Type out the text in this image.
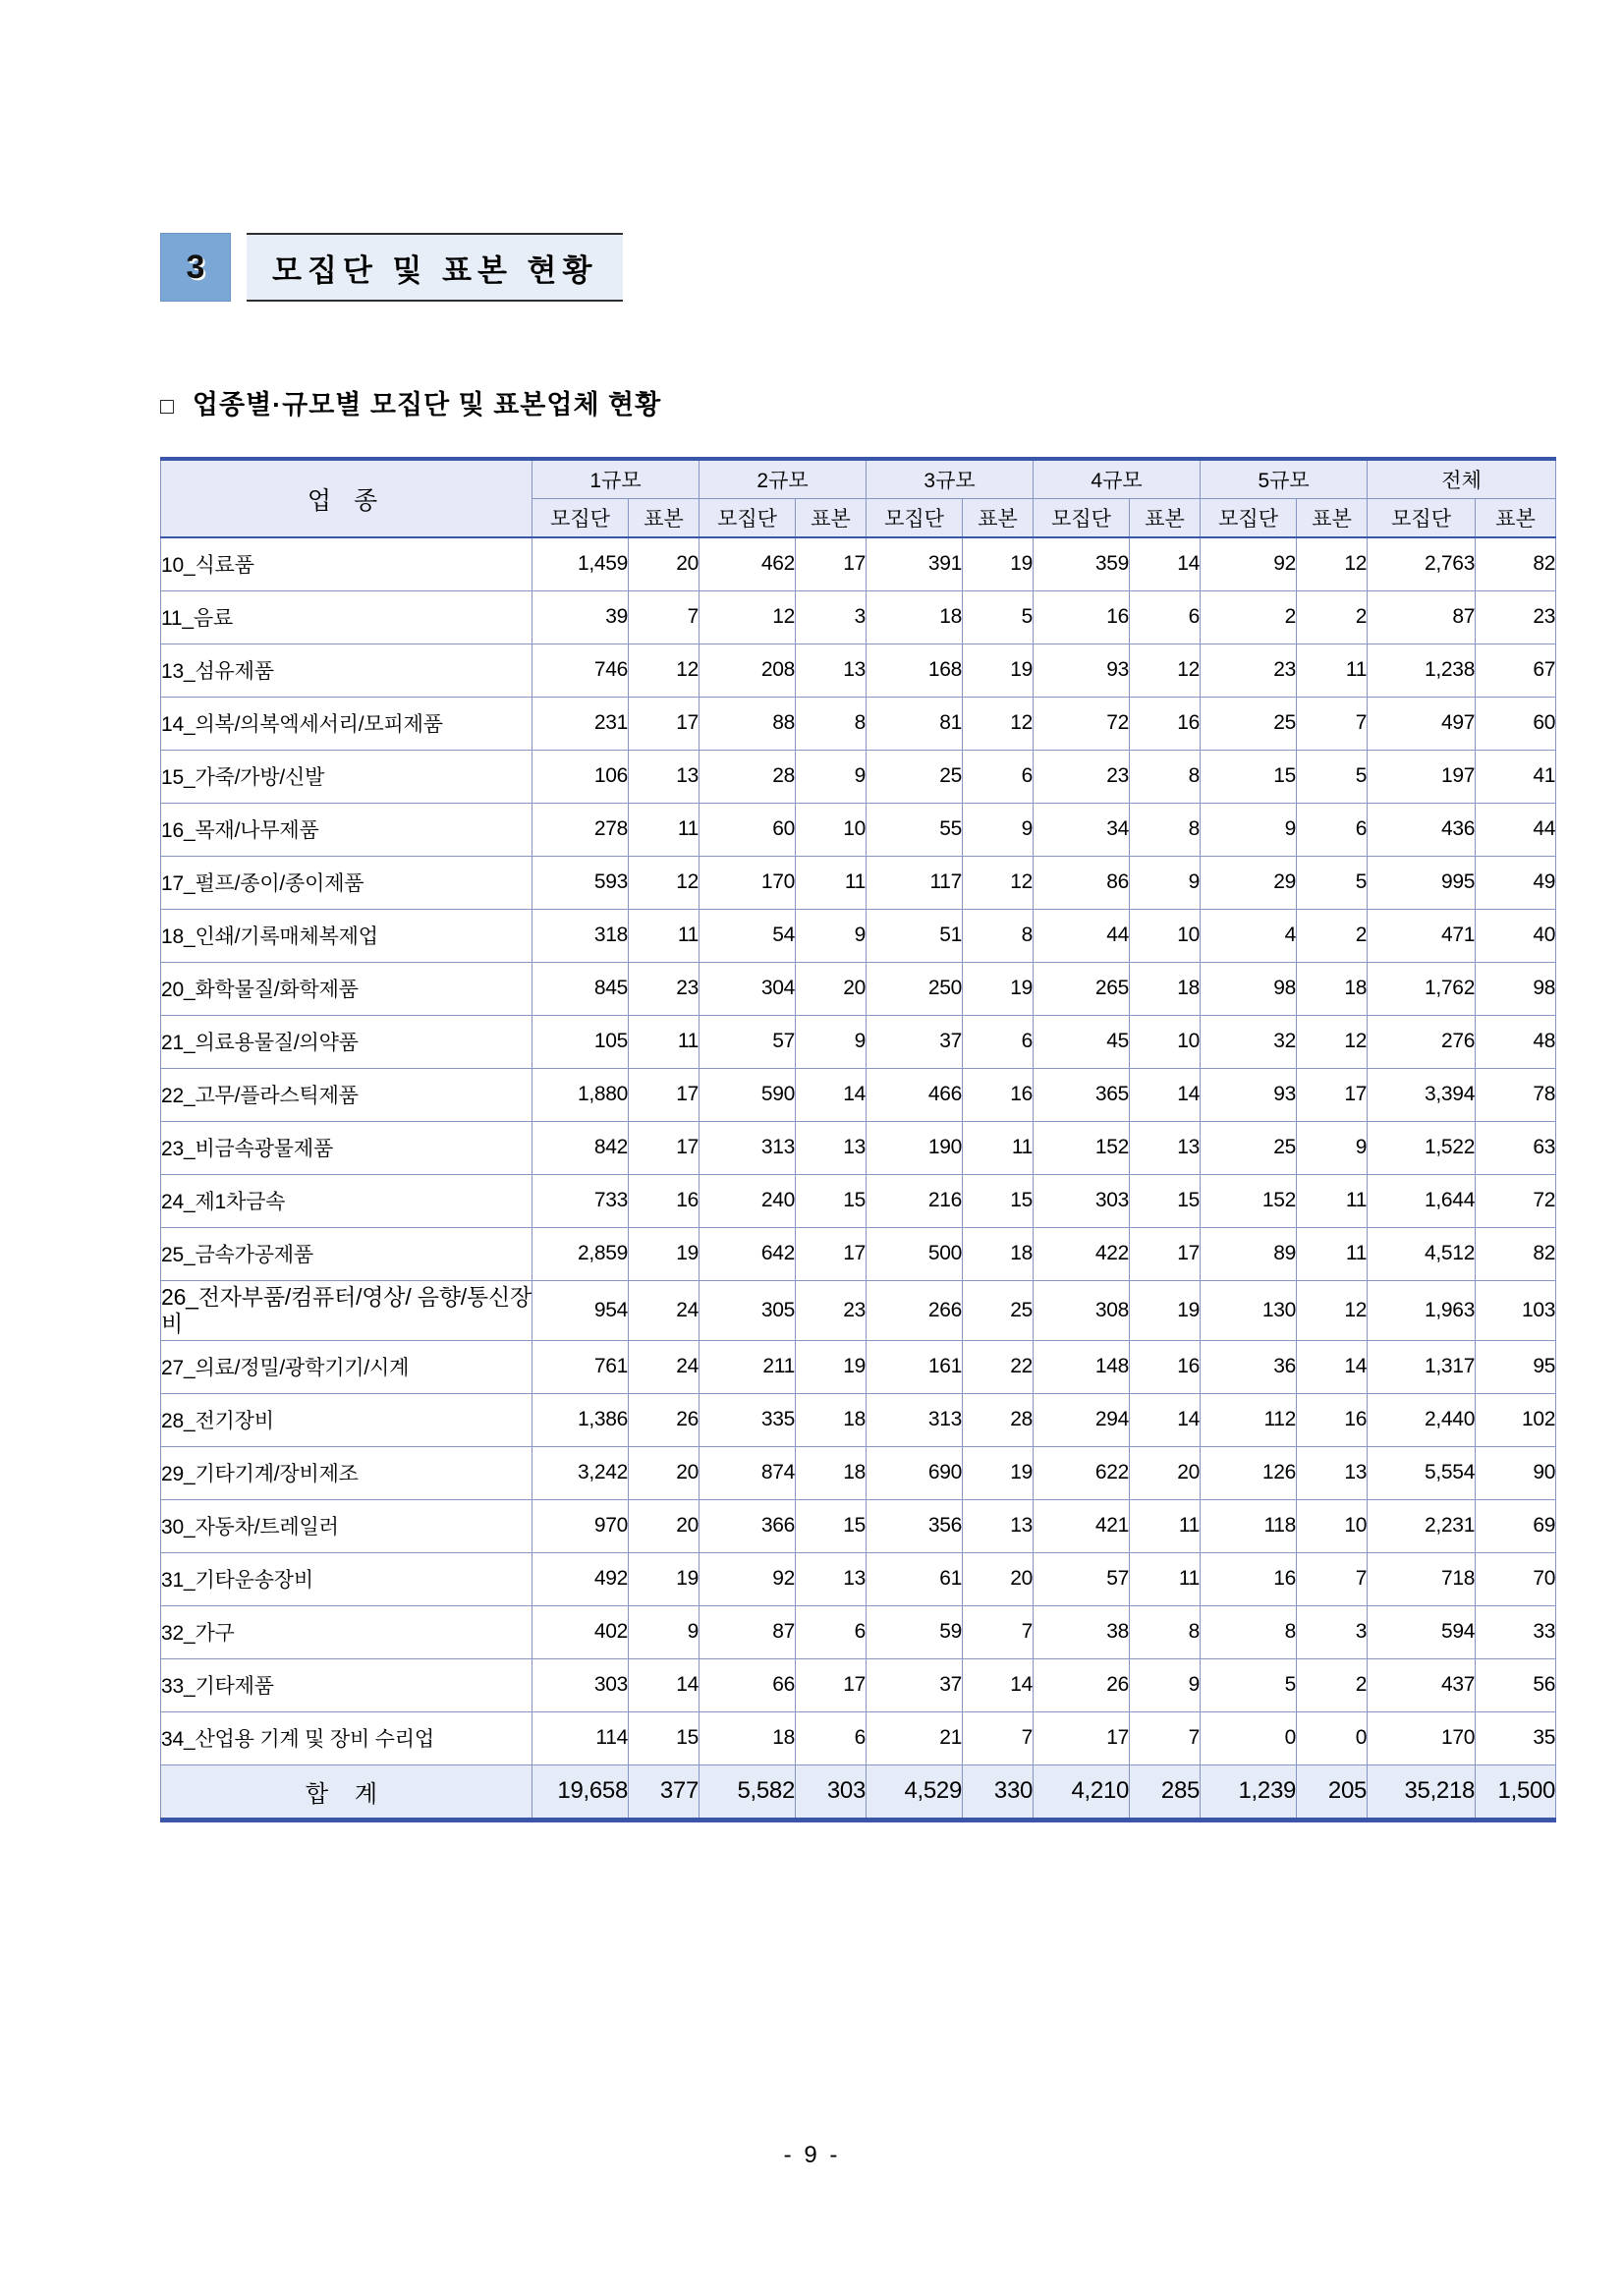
3	모집단 및 표본 현황
□ 업종별·규모별 모집단 및 표본업체 현황
업 종	1규모		2규모		3규모		4규모		5규모		전체	
	모집단	표본	모집단	표본	모집단	표본	모집단	표본	모집단	표본	모집단	표본
10_식료품	1,459	20	462	17	391	19	359	14	92	12	2,763	82
11_음료	39	7	12	3	18	5	16	6	2	2	87	23
13_섬유제품	746	12	208	13	168	19	93	12	23	11	1,238	67
14_의복/의복엑세서리/모피제품	231	17	88	8	81	12	72	16	25	7	497	60
15_가죽/가방/신발	106	13	28	9	25	6	23	8	15	5	197	41
16_목재/나무제품	278	11	60	10	55	9	34	8	9	6	436	44
17_펄프/종이/종이제품	593	12	170	11	117	12	86	9	29	5	995	49
18_인쇄/기록매체복제업	318	11	54	9	51	8	44	10	4	2	471	40
20_화학물질/화학제품	845	23	304	20	250	19	265	18	98	18	1,762	98
21_의료용물질/의약품	105	11	57	9	37	6	45	10	32	12	276	48
22_고무/플라스틱제품	1,880	17	590	14	466	16	365	14	93	17	3,394	78
23_비금속광물제품	842	17	313	13	190	11	152	13	25	9	1,522	63
24_제1차금속	733	16	240	15	216	15	303	15	152	11	1,644	72
25_금속가공제품	2,859	19	642	17	500	18	422	17	89	11	4,512	82
26_전자부품/컴퓨터/영상/ 음향/통신장비	954	24	305	23	266	25	308	19	130	12	1,963	103
27_의료/정밀/광학기기/시계	761	24	211	19	161	22	148	16	36	14	1,317	95
28_전기장비	1,386	26	335	18	313	28	294	14	112	16	2,440	102
29_기타기계/장비제조	3,242	20	874	18	690	19	622	20	126	13	5,554	90
30_자동차/트레일러	970	20	366	15	356	13	421	11	118	10	2,231	69
31_기타운송장비	492	19	92	13	61	20	57	11	16	7	718	70
32_가구	402	9	87	6	59	7	38	8	8	3	594	33
33_기타제품	303	14	66	17	37	14	26	9	5	2	437	56
34_산업용 기계 및 장비 수리업	114	15	18	6	21	7	17	7	0	0	170	35
합 계	19,658	377	5,582	303	4,529	330	4,210	285	1,239	205	35,218	1,500
- 9 -
